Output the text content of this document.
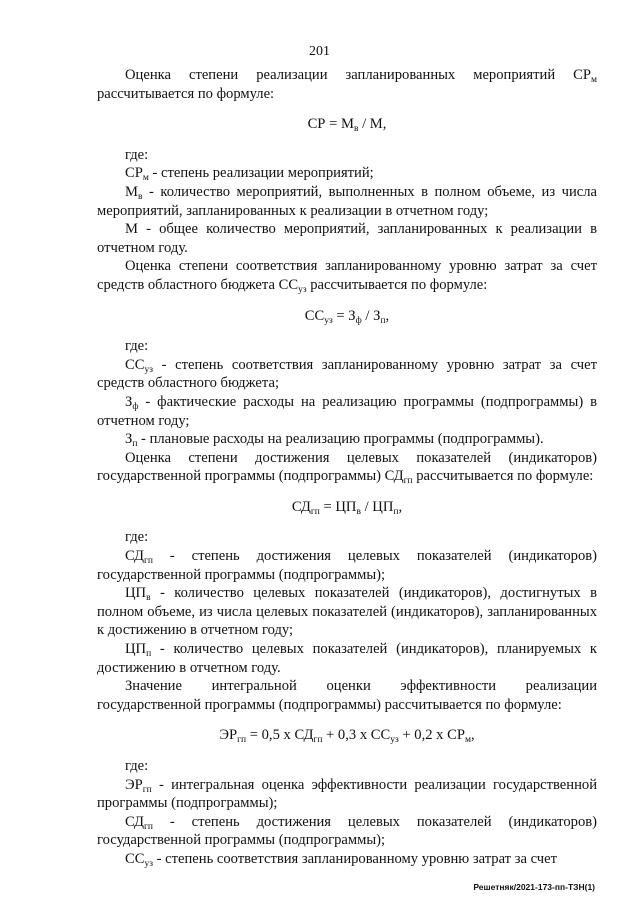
201

Оценка степени реализации запланированных мероприятий $СР_м$ рассчитывается по формуле:

СР = $М_в$ / М,

где:

$СР_м$ - степень реализации мероприятий;

$М_в$ - количество мероприятий, выполненных в полном объеме, из числа мероприятий, запланированных к реализации в отчетном году;

М - общее количество мероприятий, запланированных к реализации в отчетном году.

Оценка степени соответствия запланированному уровню затрат за счет средств областного бюджета $СС_{уз}$ рассчитывается по формуле:

$СС_{уз} = З_ф / З_п$,

где:

$СС_{уз}$ - степень соответствия запланированному уровню затрат за счет средств областного бюджета;

$З_ф$ - фактические расходы на реализацию программы (подпрограммы) в отчетном году;

$З_п$ - плановые расходы на реализацию программы (подпрограммы).

Оценка степени достижения целевых показателей (индикаторов) государственной программы (подпрограммы) $СД_{гп}$ рассчитывается по формуле:

$СД_{гп} = ЦП_в / ЦП_п$,

где:

$СД_{гп}$ - степень достижения целевых показателей (индикаторов) государственной программы (подпрограммы);

$ЦП_в$ - количество целевых показателей (индикаторов), достигнутых в полном объеме, из числа целевых показателей (индикаторов), запланированных к достижению в отчетном году;

$ЦП_п$ - количество целевых показателей (индикаторов), планируемых к достижению в отчетном году.

Значение интегральной оценки эффективности реализации государственной программы (подпрограммы) рассчитывается по формуле:

$ЭР_{гп} = 0,5$ х $СД_{гп} + 0,3$ х $СС_{уз} + 0,2$ х $СР_м$,

где:

$ЭР_{гп}$ - интегральная оценка эффективности реализации государственной программы (подпрограммы);

$СД_{гп}$ - степень достижения целевых показателей (индикаторов) государственной программы (подпрограммы);

$СС_{уз}$ - степень соответствия запланированному уровню затрат за счет

Решетняк/2021-173-пп-ТЗН(1)
